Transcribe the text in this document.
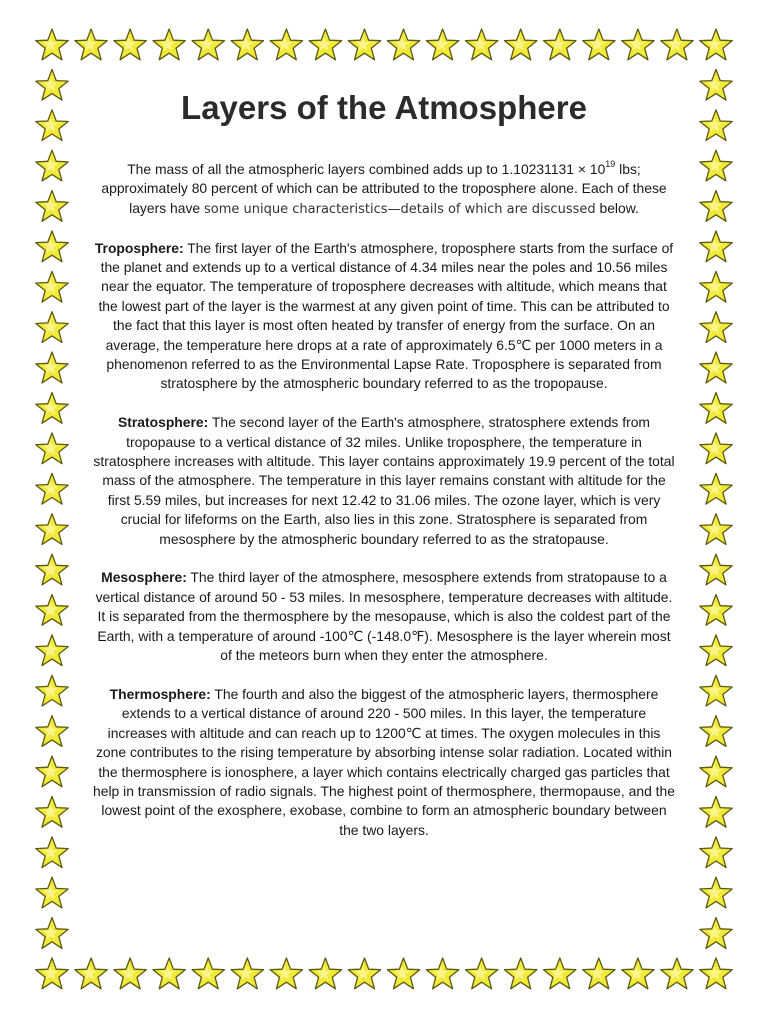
Layers of the Atmosphere

The mass of all the atmospheric layers combined adds up to $1.10231131 \times 10^{19}$ lbs; approximately 80 percent of which can be attributed to the troposphere alone. Each of these layers have some unique characteristics—details of which are discussed below.

Troposphere: The first layer of the Earth's atmosphere, troposphere starts from the surface of the planet and extends up to a vertical distance of 4.34 miles near the poles and 10.56 miles near the equator. The temperature of troposphere decreases with altitude, which means that the lowest part of the layer is the warmest at any given point of time. This can be attributed to the fact that this layer is most often heated by transfer of energy from the surface. On an average, the temperature here drops at a rate of approximately 6.5℃ per 1000 meters in a phenomenon referred to as the Environmental Lapse Rate. Troposphere is separated from stratosphere by the atmospheric boundary referred to as the tropopause.

Stratosphere: The second layer of the Earth's atmosphere, stratosphere extends from tropopause to a vertical distance of 32 miles. Unlike troposphere, the temperature in stratosphere increases with altitude. This layer contains approximately 19.9 percent of the total mass of the atmosphere. The temperature in this layer remains constant with altitude for the first 5.59 miles, but increases for next 12.42 to 31.06 miles. The ozone layer, which is very crucial for lifeforms on the Earth, also lies in this zone. Stratosphere is separated from mesosphere by the atmospheric boundary referred to as the stratopause.

Mesosphere: The third layer of the atmosphere, mesosphere extends from stratopause to a vertical distance of around 50 - 53 miles. In mesosphere, temperature decreases with altitude. It is separated from the thermosphere by the mesopause, which is also the coldest part of the Earth, with a temperature of around -100℃ (-148.0℉). Mesosphere is the layer wherein most of the meteors burn when they enter the atmosphere.

Thermosphere: The fourth and also the biggest of the atmospheric layers, thermosphere extends to a vertical distance of around 220 - 500 miles. In this layer, the temperature increases with altitude and can reach up to 1200℃ at times. The oxygen molecules in this zone contributes to the rising temperature by absorbing intense solar radiation. Located within the thermosphere is ionosphere, a layer which contains electrically charged gas particles that help in transmission of radio signals. The highest point of thermosphere, thermopause, and the lowest point of the exosphere, exobase, combine to form an atmospheric boundary between the two layers.
